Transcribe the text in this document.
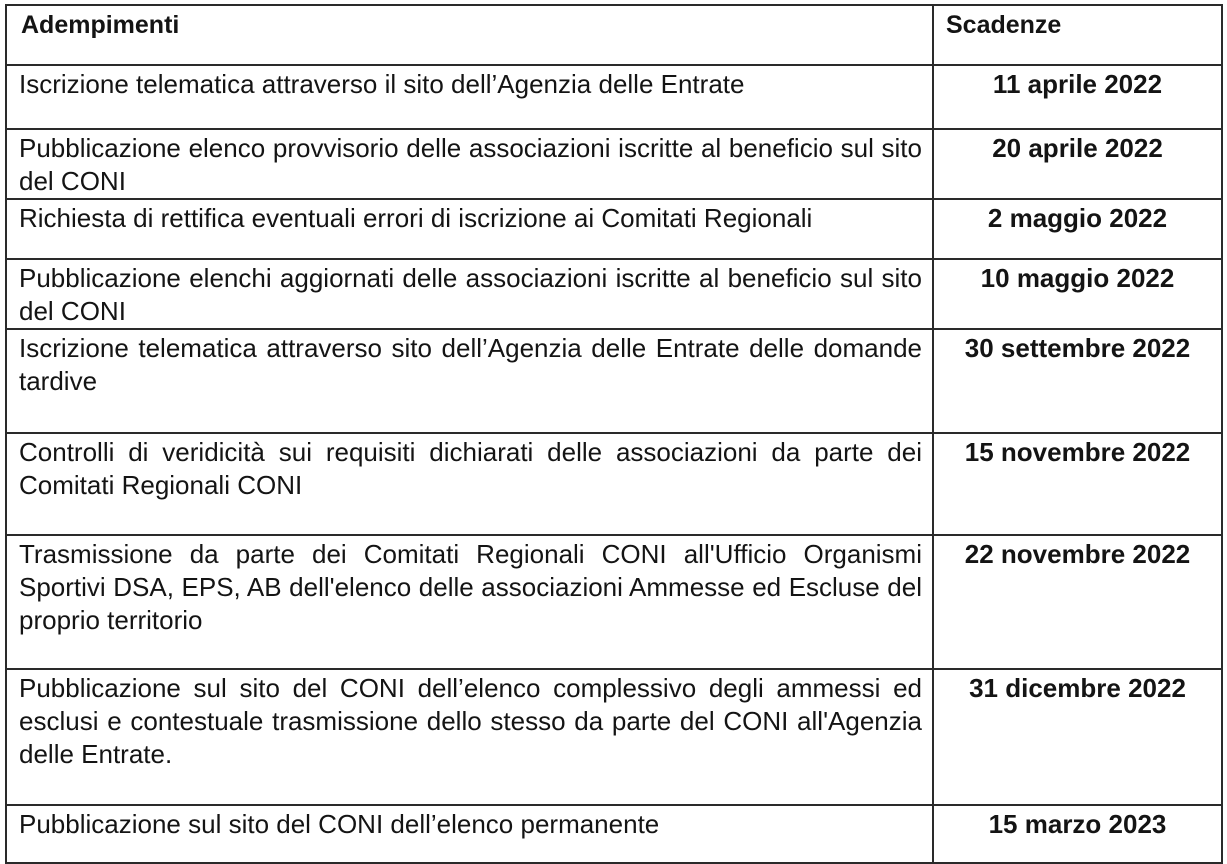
Adempimenti	Scadenze
Iscrizione telematica attraverso il sito dell’Agenzia delle Entrate	11 aprile 2022
Pubblicazione elenco provvisorio delle associazioni iscritte al beneficio sul sito del CONI	20 aprile 2022
Richiesta di rettifica eventuali errori di iscrizione ai Comitati Regionali	2 maggio 2022
Pubblicazione elenchi aggiornati delle associazioni iscritte al beneficio sul sito del CONI	10 maggio 2022
Iscrizione telematica attraverso sito dell’Agenzia delle Entrate delle domande tardive	30 settembre 2022
Controlli di veridicità sui requisiti dichiarati delle associazioni da parte dei Comitati Regionali CONI	15 novembre 2022
Trasmissione da parte dei Comitati Regionali CONI all'Ufficio Organismi Sportivi DSA, EPS, AB dell'elenco delle associazioni Ammesse ed Escluse del proprio territorio	22 novembre 2022
Pubblicazione sul sito del CONI dell’elenco complessivo degli ammessi ed esclusi e contestuale trasmissione dello stesso da parte del CONI all'Agenzia delle Entrate.	31 dicembre 2022
Pubblicazione sul sito del CONI dell’elenco permanente	15 marzo 2023
